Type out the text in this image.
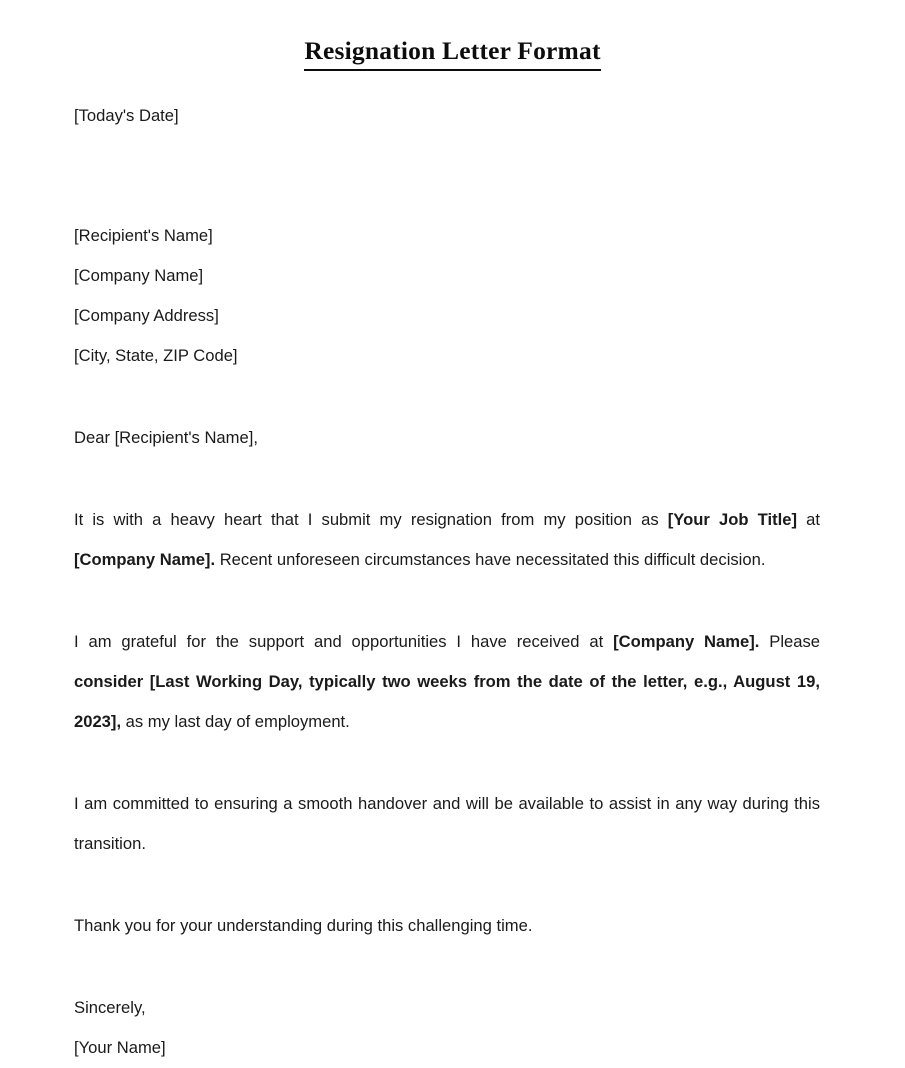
Resignation Letter Format
[Today's Date]
[Recipient's Name]
[Company Name]
[Company Address]
[City, State, ZIP Code]
Dear [Recipient's Name],

It is with a heavy heart that I submit my resignation from my position as [Your Job Title] at [Company Name]. Recent unforeseen circumstances have necessitated this difficult decision.

I am grateful for the support and opportunities I have received at [Company Name]. Please consider [Last Working Day, typically two weeks from the date of the letter, e.g., August 19, 2023], as my last day of employment.

I am committed to ensuring a smooth handover and will be available to assist in any way during this transition.

Thank you for your understanding during this challenging time.

Sincerely,
[Your Name]
